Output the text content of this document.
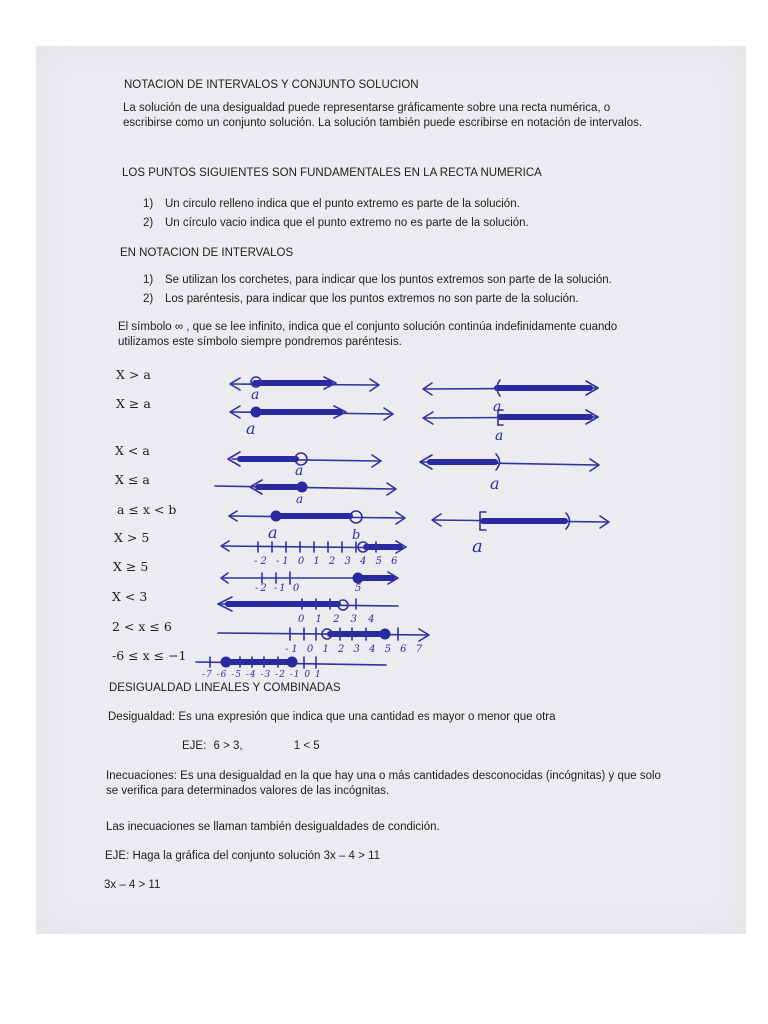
NOTACION DE INTERVALOS Y CONJUNTO SOLUCION
La solución de una desigualdad puede representarse gráficamente sobre una recta numérica, o escribirse como un conjunto solución. La solución también puede escribirse en notación de intervalos.
LOS PUNTOS SIGUIENTES SON FUNDAMENTALES EN LA RECTA NUMERICA
1) Un circulo relleno indica que el punto extremo es parte de la solución.
2) Un círculo vacio indica que el punto extremo no es parte de la solución.
EN NOTACION DE INTERVALOS
1) Se utilizan los corchetes, para indicar que los puntos extremos son parte de la solución.
2) Los paréntesis, para indicar que los puntos extremos no son parte de la solución.
El símbolo ∞ , que se lee infinito, indica que el conjunto solución continúa indefinidamente cuando utilizamos este símbolo siempre pondremos paréntesis.
X > a
X ≥ a
X < a
X ≤ a
a ≤ x < b
X > 5
X ≥ 5
X < 3
2 < x ≤ 6
-6 ≤ x ≤ −1
a
a
a	a
a
a
a
a	b
a
-2 -1 0 1 2 3 4 5 6
-2 -1 0	5
0 1 2 3 4
-1 0 1 2 3 4 5 6 7
-7 -6 -5 -4 -3 -2 -1 0 1
DESIGUALDAD LINEALES Y COMBINADAS
Desigualdad: Es una expresión que indica que una cantidad es mayor o menor que otra
EJE: 6 > 3,	1 < 5
Inecuaciones: Es una desigualdad en la que hay una o más cantidades desconocidas (incógnitas) y que solo se verifica para determinados valores de las incógnitas.
Las inecuaciones se llaman también desigualdades de condición.
EJE: Haga la gráfica del conjunto solución 3x – 4 > 11
3x – 4 > 11
